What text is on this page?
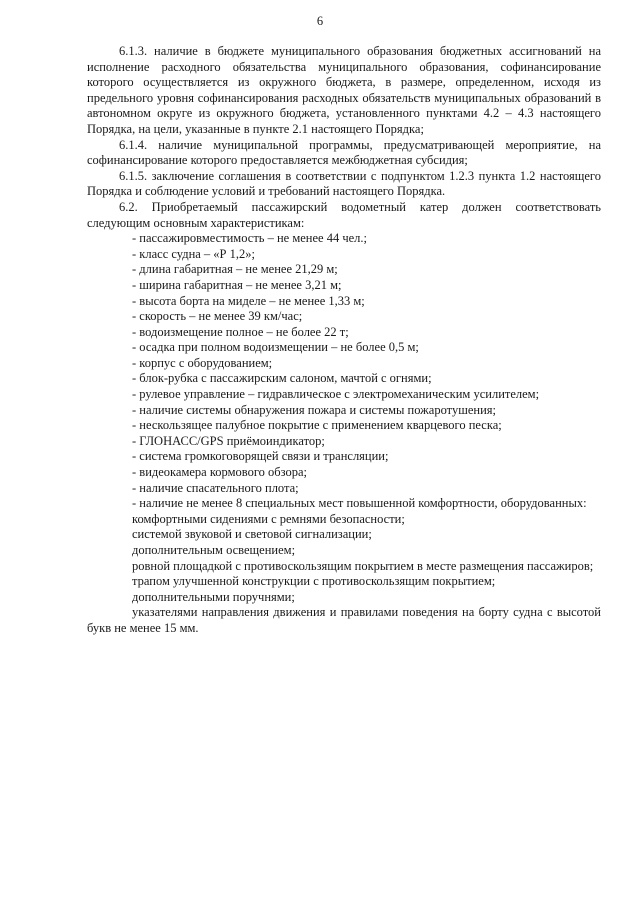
6

6.1.3. наличие в бюджете муниципального образования бюджетных ассигнований на исполнение расходного обязательства муниципального образования, софинансирование которого осуществляется из окружного бюджета, в размере, определенном, исходя из предельного уровня софинансирования расходных обязательств муниципальных образований в автономном округе из окружного бюджета, установленного пунктами 4.2 – 4.3 настоящего Порядка, на цели, указанные в пункте 2.1 настоящего Порядка;

6.1.4. наличие муниципальной программы, предусматривающей мероприятие, на софинансирование которого предоставляется межбюджетная субсидия;

6.1.5. заключение соглашения в соответствии с подпунктом 1.2.3 пункта 1.2 настоящего Порядка и соблюдение условий и требований настоящего Порядка.

6.2. Приобретаемый пассажирский водометный катер должен соответствовать следующим основным характеристикам:

- пассажировместимость – не менее 44 чел.;

- класс судна – «Р 1,2»;

- длина габаритная – не менее 21,29 м;

- ширина габаритная – не менее 3,21 м;

- высота борта на миделе – не менее 1,33 м;

- скорость – не менее 39 км/час;

- водоизмещение полное – не более 22 т;

- осадка при полном водоизмещении – не более 0,5 м;

- корпус с оборудованием;

- блок-рубка с пассажирским салоном, мачтой с огнями;

- рулевое управление – гидравлическое с электромеханическим усилителем;

- наличие системы обнаружения пожара и системы пожаротушения;

- нескользящее палубное покрытие с применением кварцевого песка;

- ГЛОНАСС/GPS приёмоиндикатор;

- система громкоговорящей связи и трансляции;

- видеокамера кормового обзора;

- наличие спасательного плота;

- наличие не менее 8 специальных мест повышенной комфортности, оборудованных:

комфортными сидениями с ремнями безопасности;

системой звуковой и световой сигнализации;

дополнительным освещением;

ровной площадкой с противоскользящим покрытием в месте размещения пассажиров;

трапом улучшенной конструкции с противоскользящим покрытием;

дополнительными поручнями;

указателями направления движения и правилами поведения на борту судна с высотой букв не менее 15 мм.
